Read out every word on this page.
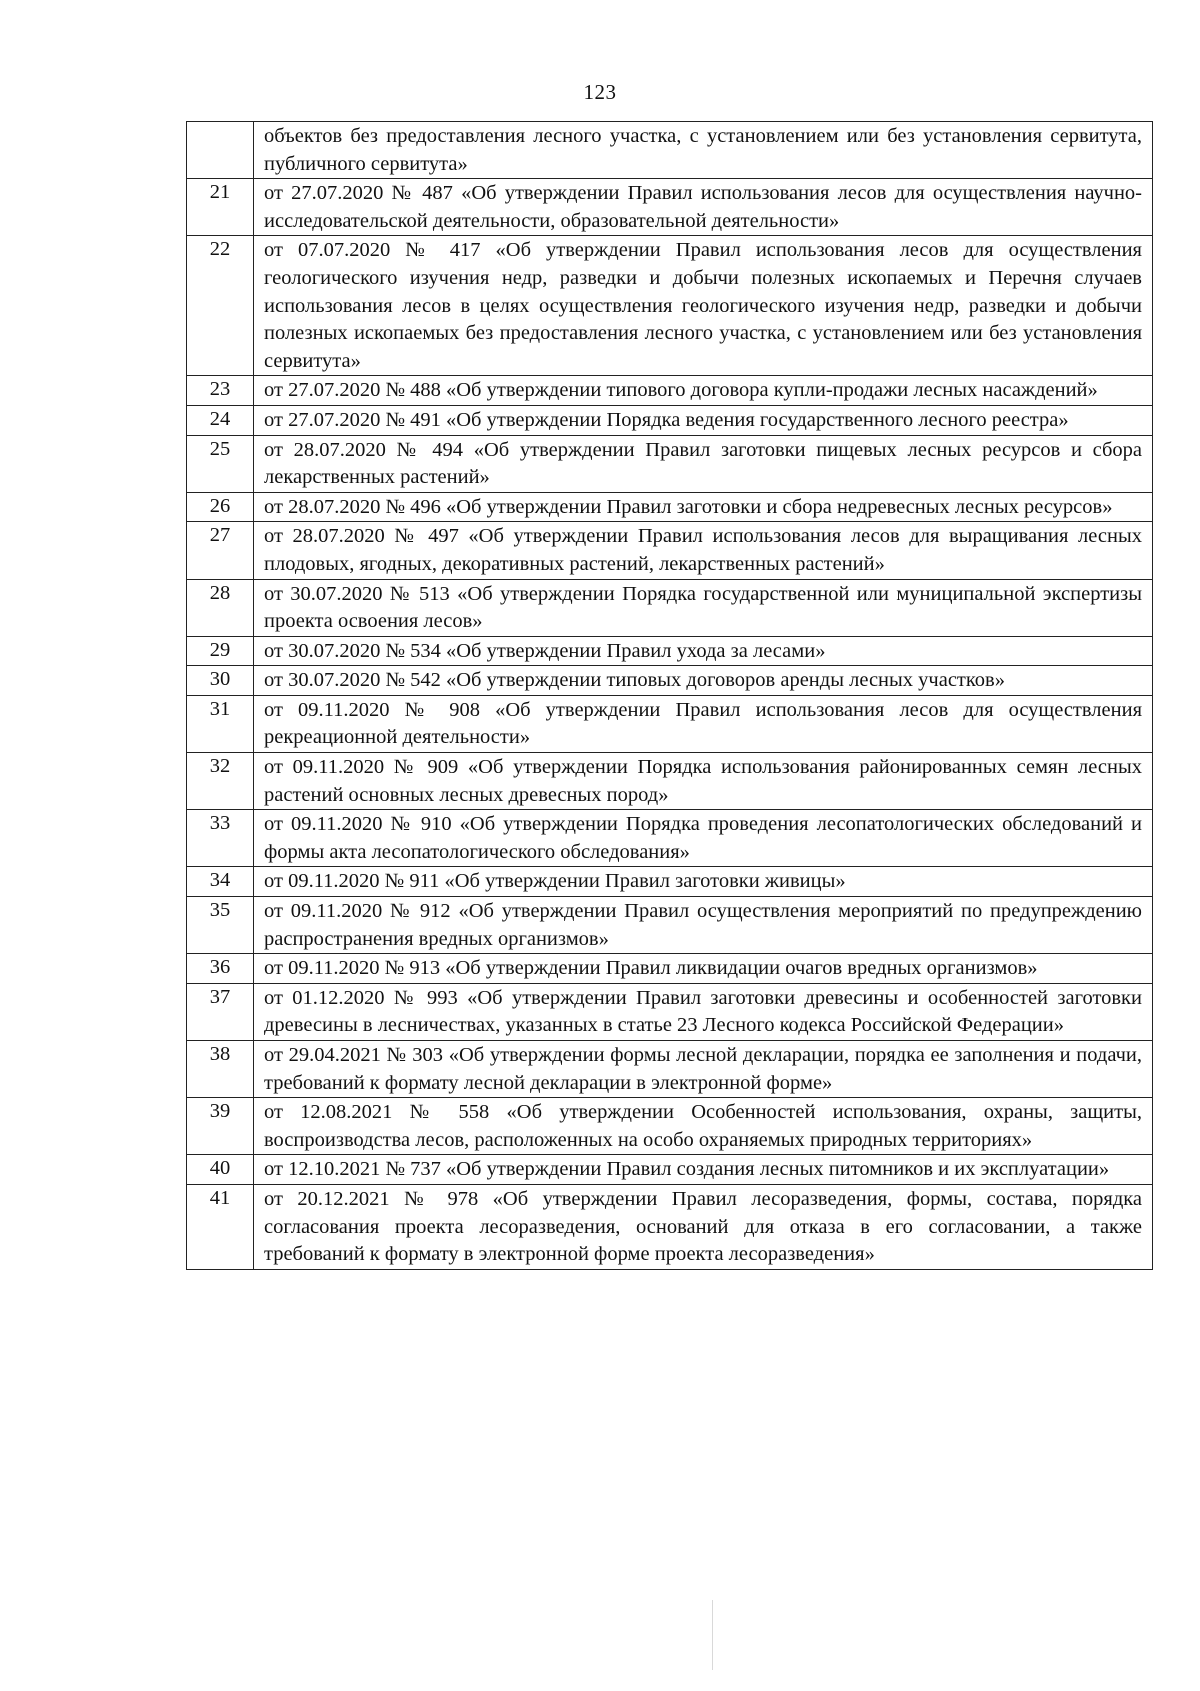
123
	объектов без предоставления лесного участка, с установлением или без установления сервитута, публичного сервитута»
21	от 27.07.2020 № 487 «Об утверждении Правил использования лесов для осуществления научно-исследовательской деятельности, образовательной деятельности»
22	от 07.07.2020 № 417 «Об утверждении Правил использования лесов для осуществления геологического изучения недр, разведки и добычи полезных ископаемых и Перечня случаев использования лесов в целях осуществления геологического изучения недр, разведки и добычи полезных ископаемых без предоставления лесного участка, с установлением или без установления сервитута»
23	от 27.07.2020 № 488 «Об утверждении типового договора купли-продажи лесных насаждений»
24	от 27.07.2020 № 491 «Об утверждении Порядка ведения государственного лесного реестра»
25	от 28.07.2020 № 494 «Об утверждении Правил заготовки пищевых лесных ресурсов и сбора лекарственных растений»
26	от 28.07.2020 № 496 «Об утверждении Правил заготовки и сбора недревесных лесных ресурсов»
27	от 28.07.2020 № 497 «Об утверждении Правил использования лесов для выращивания лесных плодовых, ягодных, декоративных растений, лекарственных растений»
28	от 30.07.2020 № 513 «Об утверждении Порядка государственной или муниципальной экспертизы проекта освоения лесов»
29	от 30.07.2020 № 534 «Об утверждении Правил ухода за лесами»
30	от 30.07.2020 № 542 «Об утверждении типовых договоров аренды лесных участков»
31	от 09.11.2020 № 908 «Об утверждении Правил использования лесов для осуществления рекреационной деятельности»
32	от 09.11.2020 № 909 «Об утверждении Порядка использования районированных семян лесных растений основных лесных древесных пород»
33	от 09.11.2020 № 910 «Об утверждении Порядка проведения лесопатологических обследований и формы акта лесопатологического обследования»
34	от 09.11.2020 № 911 «Об утверждении Правил заготовки живицы»
35	от 09.11.2020 № 912 «Об утверждении Правил осуществления мероприятий по предупреждению распространения вредных организмов»
36	от 09.11.2020 № 913 «Об утверждении Правил ликвидации очагов вредных организмов»
37	от 01.12.2020 № 993 «Об утверждении Правил заготовки древесины и особенностей заготовки древесины в лесничествах, указанных в статье 23 Лесного кодекса Российской Федерации»
38	от 29.04.2021 № 303 «Об утверждении формы лесной декларации, порядка ее заполнения и подачи, требований к формату лесной декларации в электронной форме»
39	от 12.08.2021 № 558 «Об утверждении Особенностей использования, охраны, защиты, воспроизводства лесов, расположенных на особо охраняемых природных территориях»
40	от 12.10.2021 № 737 «Об утверждении Правил создания лесных питомников и их эксплуатации»
41	от 20.12.2021 № 978 «Об утверждении Правил лесоразведения, формы, состава, порядка согласования проекта лесоразведения, оснований для отказа в его согласовании, а также требований к формату в электронной форме проекта лесоразведения»
